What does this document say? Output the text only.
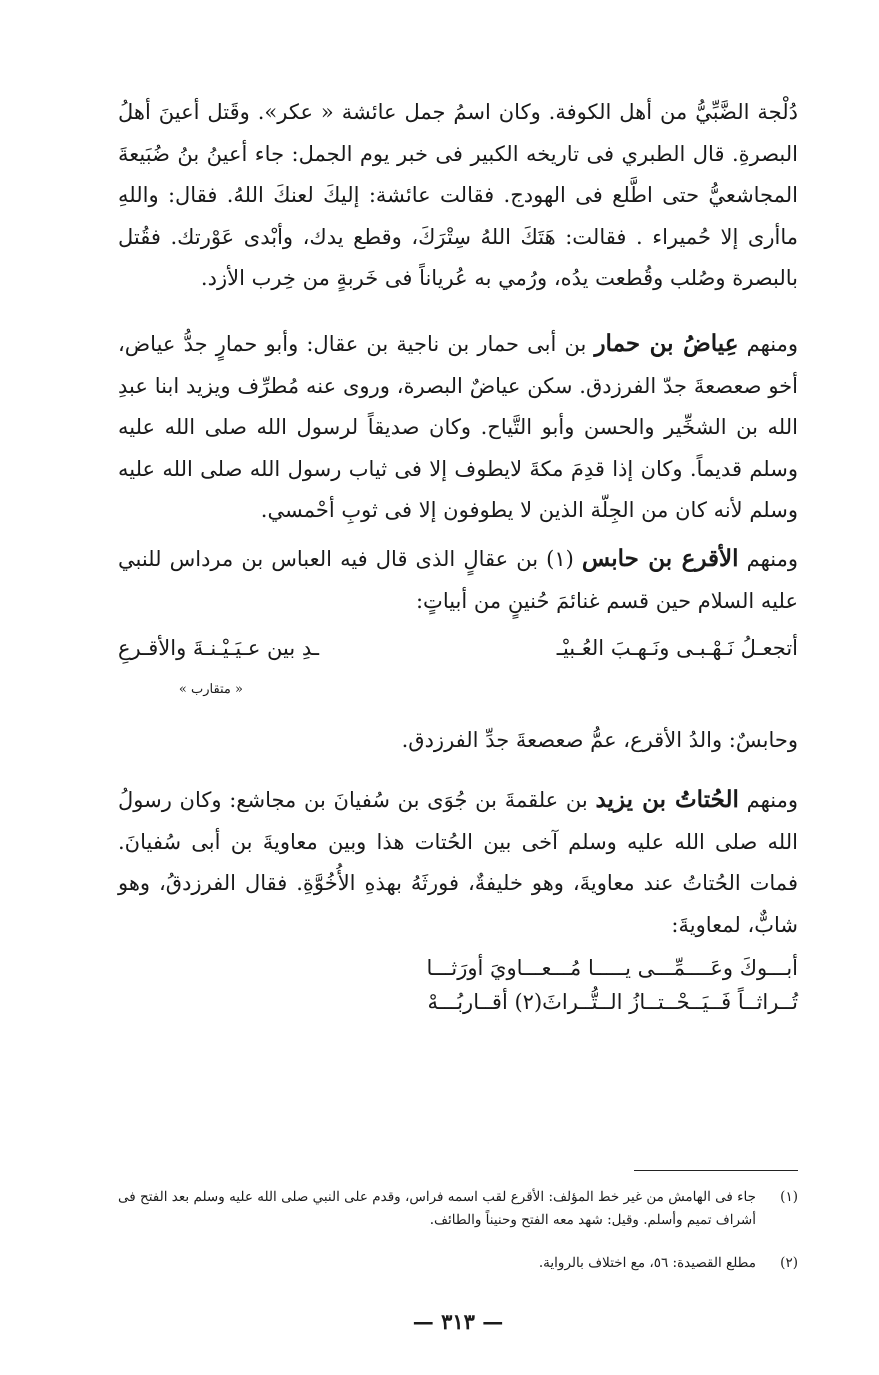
دُلْجة الضَّبِّيُّ من أهل الكوفة. وكان اسمُ جمل عائشة « عكر». وقَتل أعينَ أهلُ البصرةِ. قال الطبري فى تاريخه الكبير فى خبر يوم الجمل: جاء أعينُ بنُ ضُبَيعةَ المجاشعيُّ حتى اطَّلع فى الهودج. فقالت عائشة: إليكَ لعنكَ اللهُ. فقال: واللهِ ماأرى إلا حُميراء . فقالت: هَتَكَ اللهُ سِتْرَكَ، وقطع يدك، وأبْدى عَوْرتك. فقُتل بالبصرة وصُلب وقُطعت يدُه، ورُمي به عُرياناً فى خَربةٍ من خِرب الأزد.

ومنهم عِياضُ بن حمار بن أبى حمار بن ناجية بن عقال: وأبو حمارٍ جدُّ عياض، أخو صعصعةَ جدّ الفرزدق. سكن عياضٌ البصرة، وروى عنه مُطرِّف ويزيد ابنا عبدِ الله بن الشخِّير والحسن وأبو التَّياح. وكان صديقاً لرسول الله صلى الله عليه وسلم قديماً. وكان إذا قدِمَ مكةَ لايطوف إلا فى ثياب رسول الله صلى الله عليه وسلم لأنه كان من الجِلّة الذين لا يطوفون إلا فى ثوبِ أحْمسي.

ومنهم الأقرع بن حابس (١) بن عقالٍ الذى قال فيه العباس بن مرداس للنبي عليه السلام حين قسم غنائمَ حُنينٍ من أبياتٍ:

أتجعـلُ نَـهْـبـى ونَـهـبَ العُـبيْـ
ـدِ بين عـيَـيْـنـةَ والأقـرعِ
« متقارب »

وحابسٌ: والدُ الأقرع، عمُّ صعصعةَ جدِّ الفرزدق.

ومنهم الحُتاتُ بن يزيد بن علقمةَ بن جُوَى بن سُفيانَ بن مجاشع: وكان رسولُ الله صلى الله عليه وسلم آخى بين الحُتات هذا وبين معاويةَ بن أبى سُفيانَ. فمات الحُتاتُ عند معاويةَ، وهو خليفةٌ، فورثَهُ بهذهِ الأُخُوَّةِ. فقال الفرزدقُ، وهو شابٌّ، لمعاويةَ:

أبـــوكَ وعَــــمِّـــى يـــــا مُـــعـــاويَ أورَثـــا
تُــراثــاً فَــيَــحْــتــازُ الــتُّــراثَ(٢) أقــاربُـــهْ
(١)
جاء فى الهامش من غير خط المؤلف: الأقرع لقب اسمه فراس، وقدم على النبي صلى الله عليه وسلم بعد الفتح فى أشراف تميم وأسلم. وقيل: شهد معه الفتح وحنيناً والطائف.
(٢)
مطلع القصيدة: ٥٦، مع اختلاف بالرواية.
— ٣١٣ —
